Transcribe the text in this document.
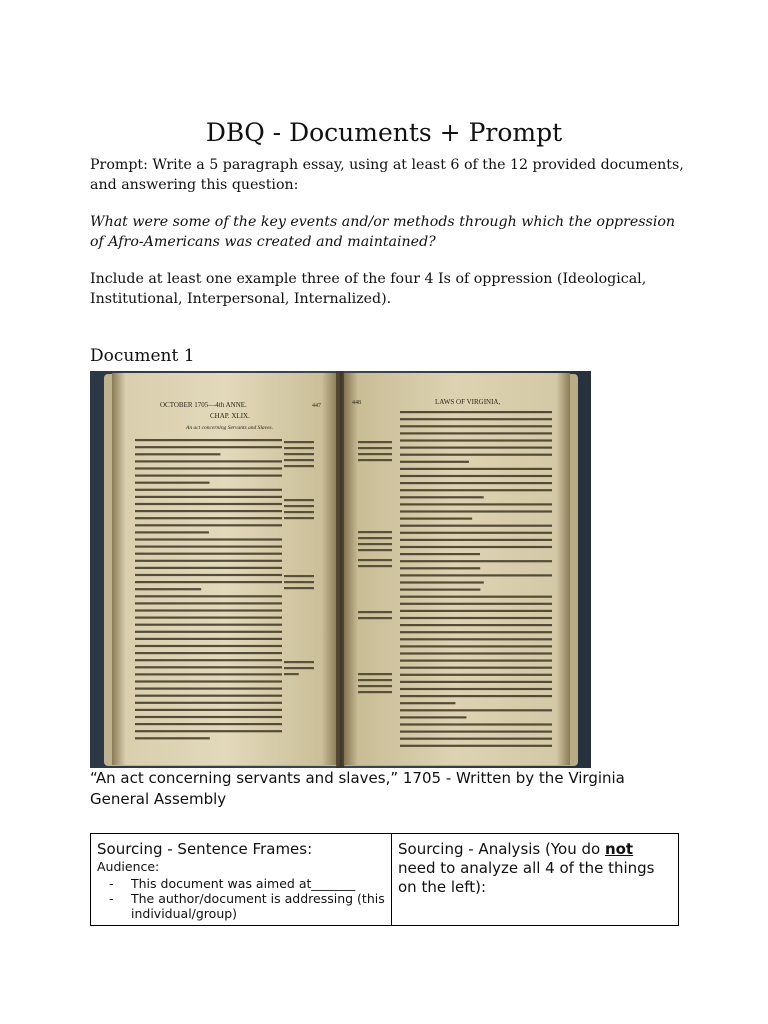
DBQ - Documents + Prompt
Prompt: Write a 5 paragraph essay, using at least 6 of the 12 provided documents, and answering this question:
What were some of the key events and/or methods through which the oppression of Afro-Americans was created and maintained?
Include at least one example three of the four 4 Is of oppression (Ideological, Institutional, Interpersonal, Internalized).
Document 1
OCTOBER 1705—4th ANNE.	447
CHAP. XLIX.
An act concerning Servants and Slaves.
448	LAWS OF VIRGINIA,
“An act concerning servants and slaves,” 1705 - Written by the Virginia General Assembly
Sourcing - Sentence Frames:
Audience:
- This document was aimed at_______
- The author/document is addressing (this individual/group)

Sourcing - Analysis (You do not need to analyze all 4 of the things on the left):
